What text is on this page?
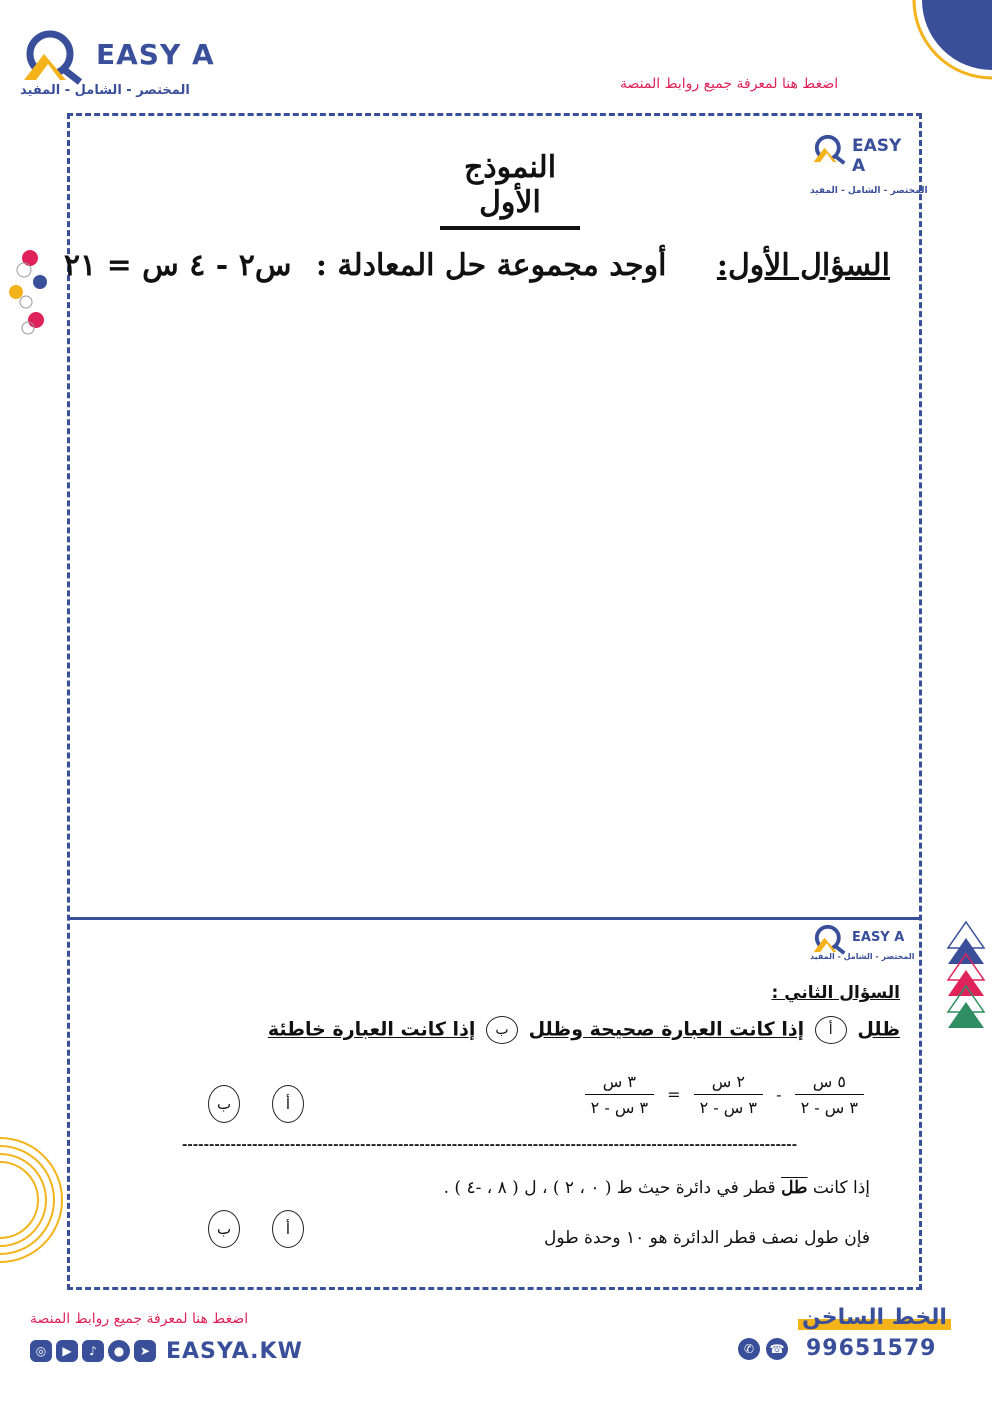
EASY A
المختصر - الشامل - المفيد	اضغط هنا لمعرفة جميع روابط المنصة
EASY A
المختصر - الشامل - المفيد
النموذج الأول
السؤال الأول: أوجد مجموعة حل المعادلة : س٢ - ٤ س = ٢١
EASY A
المختصر - الشامل - المفيد
السؤال الثاني :
ظلل أ إذا كانت العبارة صحيحة وظلل ب إذا كانت العبارة خاطئة
$\frac{\text{٥ س}}{\text{٣ س - ٢}}$
-
$\frac{\text{٢ س}}{\text{٣ س - ٢}}$
=
$\frac{\text{٣ س}}{\text{٣ س - ٢}}$
أ
ب
------------------------------------------------------------------------------------------------------------------
إذا كانت طل قطر في دائرة حيث ط ( ٠ ، ٢ ) ، ل ( ٨ ، -٤ ) .
فإن طول نصف قطر الدائرة هو ١٠ وحدة طول
أ
ب
اضغط هنا لمعرفة جميع روابط المنصة
◎	▶	♪	●	➤ EASYA.KW
الخط الساخن
✆	☎ 99651579
